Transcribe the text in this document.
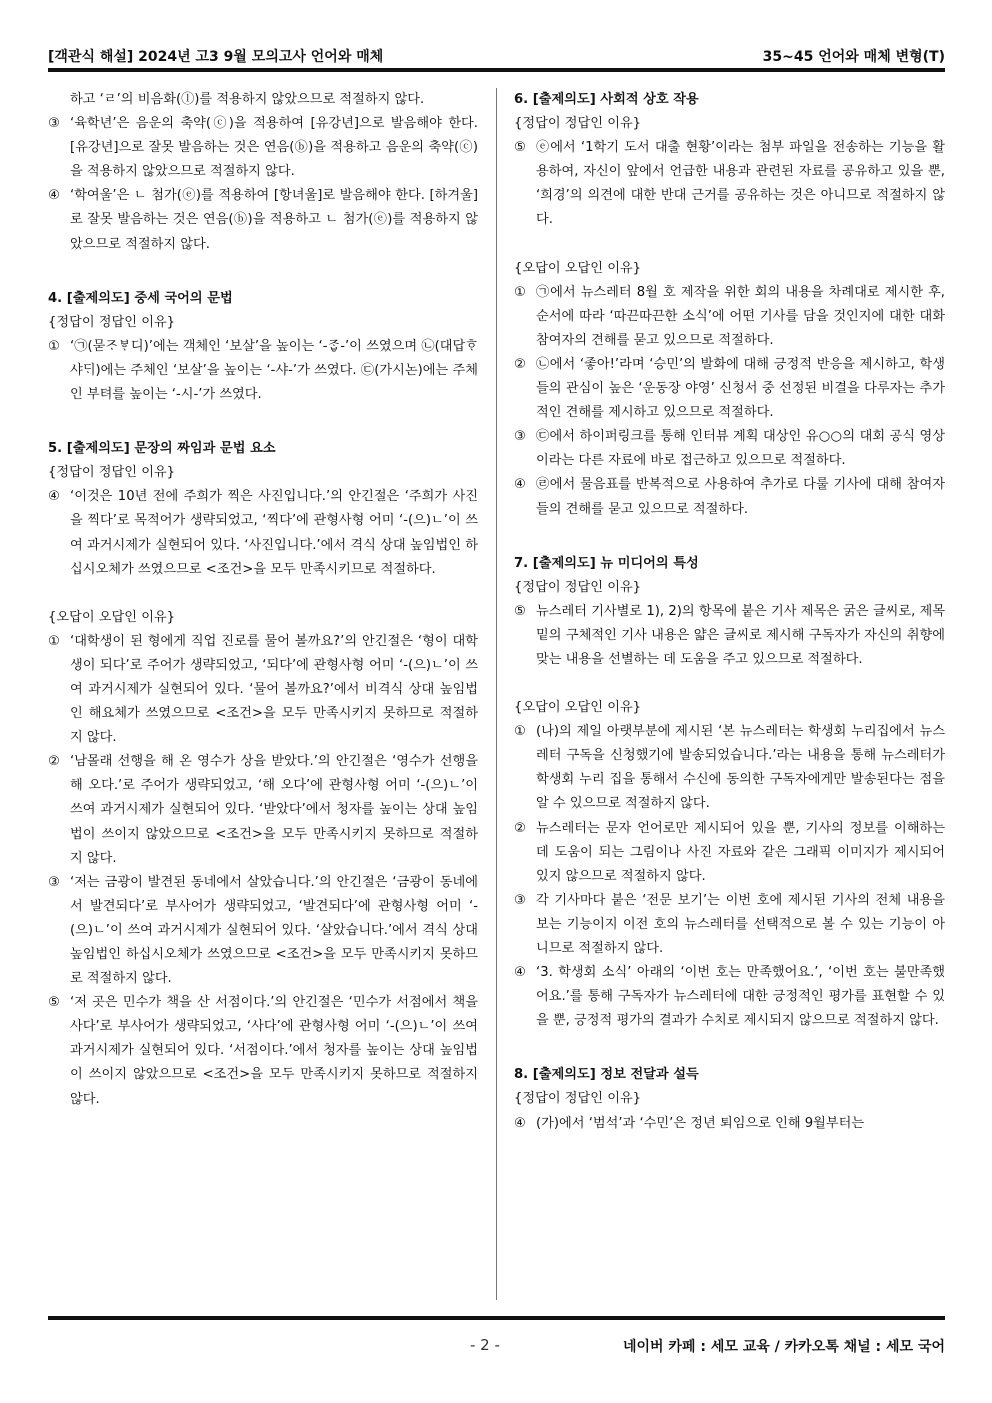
[객관식 해설] 2024년 고3 9월 모의고사 언어와 매체	35~45 언어와 매체 변형(T)

하고 ‘ㄹ’의 비음화(ⓛ)를 적용하지 않았으므로 적절하지 않다.

③ ‘육학년’은 음운의 축약(ⓒ)을 적용하여 [유강년]으로 발음해야 한다. [유강년]으로 잘못 발음하는 것은 연음(ⓑ)을 적용하고 음운의 축약(ⓒ)을 적용하지 않았으므로 적절하지 않다.
④ ‘학여울’은 ㄴ 첨가(ⓔ)를 적용하여 [항녀울]로 발음해야 한다. [하겨울]로 잘못 발음하는 것은 연음(ⓑ)을 적용하고 ㄴ 첨가(ⓔ)를 적용하지 않았으므로 적절하지 않다.

4. [출제의도] 중세 국어의 문법

{정답이 정답인 이유}

① ‘㉠(묻ᄌᆞᄫᆞ디)’에는 객체인 ‘보살’을 높이는 ‘-ᄌᆞᇦ-’이 쓰였으며 ㉡(대답ᄒᆞ샤ᄃᆡ)에는 주체인 ‘보살’을 높이는 ‘-샤-’가 쓰였다. ㉢(가시논)에는 주체인 부텨를 높이는 ‘-시-’가 쓰였다.

5. [출제의도] 문장의 짜임과 문법 요소

{정답이 정답인 이유}

④ ‘이것은 10년 전에 주희가 찍은 사진입니다.’의 안긴절은 ‘주희가 사진을 찍다’로 목적어가 생략되었고, ‘찍다’에 관형사형 어미 ‘-(으)ㄴ’이 쓰여 과거시제가 실현되어 있다. ‘사진입니다.’에서 격식 상대 높임법인 하십시오체가 쓰였으므로 <조건>을 모두 만족시키므로 적절하다.

{오답이 오답인 이유}

① ‘대학생이 된 형에게 직업 진로를 물어 볼까요?’의 안긴절은 ‘형이 대학생이 되다’로 주어가 생략되었고, ‘되다’에 관형사형 어미 ‘-(으)ㄴ’이 쓰여 과거시제가 실현되어 있다. ‘물어 볼까요?’에서 비격식 상대 높임법인 해요체가 쓰였으므로 <조건>을 모두 만족시키지 못하므로 적절하지 않다.
② ‘남몰래 선행을 해 온 영수가 상을 받았다.’의 안긴절은 ‘영수가 선행을 해 오다.’로 주어가 생략되었고, ‘해 오다’에 관형사형 어미 ‘-(으)ㄴ’이 쓰여 과거시제가 실현되어 있다. ‘받았다’에서 청자를 높이는 상대 높임법이 쓰이지 않았으므로 <조건>을 모두 만족시키지 못하므로 적절하지 않다.
③ ‘저는 금광이 발견된 동네에서 살았습니다.’의 안긴절은 ‘금광이 동네에서 발견되다’로 부사어가 생략되었고, ‘발견되다’에 관형사형 어미 ‘-(으)ㄴ’이 쓰여 과거시제가 실현되어 있다. ‘살았습니다.’에서 격식 상대 높임법인 하십시오체가 쓰였으므로 <조건>을 모두 만족시키지 못하므로 적절하지 않다.
⑤ ‘저 곳은 민수가 책을 산 서점이다.’의 안긴절은 ‘민수가 서점에서 책을 사다’로 부사어가 생략되었고, ‘사다’에 관형사형 어미 ‘-(으)ㄴ’이 쓰여 과거시제가 실현되어 있다. ‘서점이다.’에서 청자를 높이는 상대 높임법이 쓰이지 않았으므로 <조건>을 모두 만족시키지 못하므로 적절하지 않다.

6. [출제의도] 사회적 상호 작용

{정답이 정답인 이유}

⑤ ⓔ에서 ‘1학기 도서 대출 현황’이라는 첨부 파일을 전송하는 기능을 활용하여, 자신이 앞에서 언급한 내용과 관련된 자료를 공유하고 있을 뿐, ‘희경’의 의견에 대한 반대 근거를 공유하는 것은 아니므로 적절하지 않다.

{오답이 오답인 이유}

① ㉠에서 뉴스레터 8월 호 제작을 위한 회의 내용을 차례대로 제시한 후, 순서에 따라 ‘따끈따끈한 소식’에 어떤 기사를 담을 것인지에 대한 대화 참여자의 견해를 묻고 있으므로 적절하다.
② ㉡에서 ‘좋아!’라며 ‘승민’의 발화에 대해 긍정적 반응을 제시하고, 학생들의 관심이 높은 ‘운동장 야영’ 신청서 중 선정된 비결을 다루자는 추가적인 견해를 제시하고 있으므로 적절하다.
③ ㉢에서 하이퍼링크를 통해 인터뷰 계획 대상인 유○○의 대회 공식 영상이라는 다른 자료에 바로 접근하고 있으므로 적절하다.
④ ㉣에서 물음표를 반복적으로 사용하여 추가로 다룰 기사에 대해 참여자들의 견해를 묻고 있으므로 적절하다.

7. [출제의도] 뉴 미디어의 특성

{정답이 정답인 이유}

⑤ 뉴스레터 기사별로 1), 2)의 항목에 붙은 기사 제목은 굵은 글씨로, 제목 밑의 구체적인 기사 내용은 얇은 글씨로 제시해 구독자가 자신의 취향에 맞는 내용을 선별하는 데 도움을 주고 있으므로 적절하다.

{오답이 오답인 이유}

① (나)의 제일 아랫부분에 제시된 ‘본 뉴스레터는 학생회 누리집에서 뉴스레터 구독을 신청했기에 발송되었습니다.’라는 내용을 통해 뉴스레터가 학생회 누리 집을 통해서 수신에 동의한 구독자에게만 발송된다는 점을 알 수 있으므로 적절하지 않다.
② 뉴스레터는 문자 언어로만 제시되어 있을 뿐, 기사의 정보를 이해하는 데 도움이 되는 그림이나 사진 자료와 같은 그래픽 이미지가 제시되어 있지 않으므로 적절하지 않다.
③ 각 기사마다 붙은 ‘전문 보기’는 이번 호에 제시된 기사의 전체 내용을 보는 기능이지 이전 호의 뉴스레터를 선택적으로 볼 수 있는 기능이 아니므로 적절하지 않다.
④ ‘3. 학생회 소식’ 아래의 ‘이번 호는 만족했어요.’, ‘이번 호는 불만족했어요.’를 통해 구독자가 뉴스레터에 대한 긍정적인 평가를 표현할 수 있을 뿐, 긍정적 평가의 결과가 수치로 제시되지 않으므로 적절하지 않다.

8. [출제의도] 정보 전달과 설득

{정답이 정답인 이유}

④ (가)에서 ‘범석’과 ‘수민’은 정년 퇴임으로 인해 9월부터는
- 2 -	네이버 카페 : 세모 교육 / 카카오톡 채널 : 세모 국어
